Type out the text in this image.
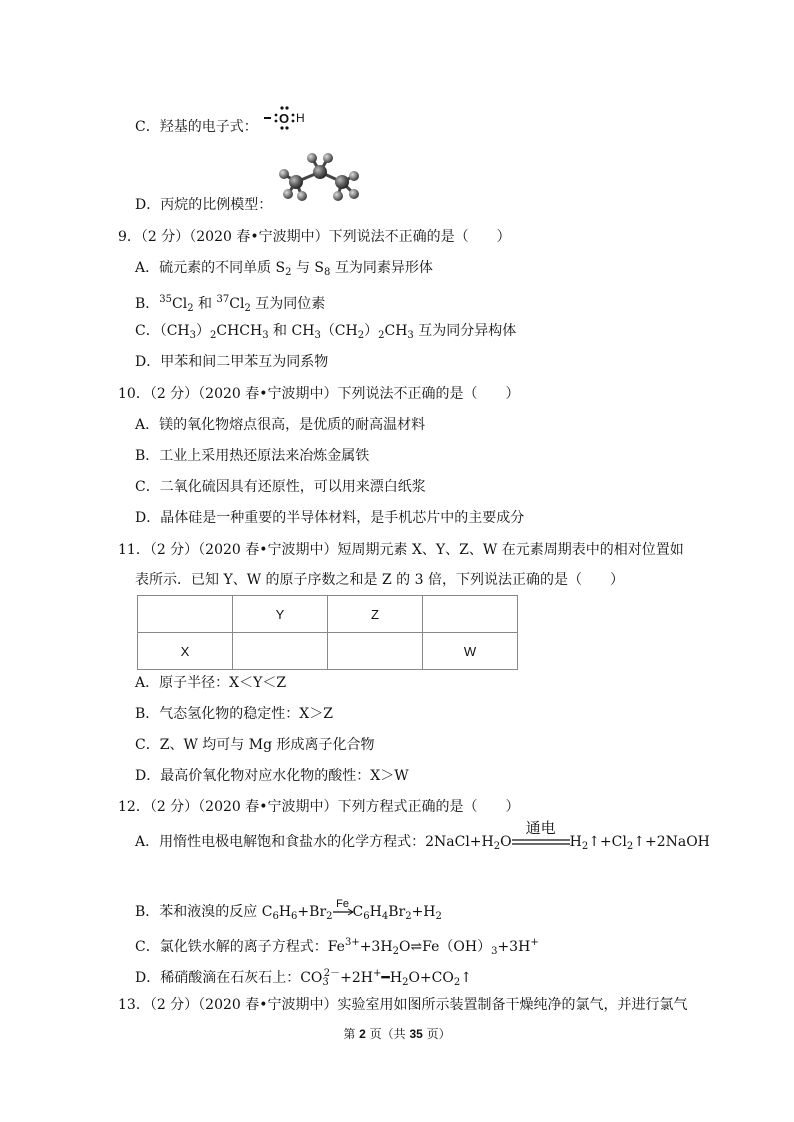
C．羟基的电子式：
O H
D．丙烷的比例模型：
9．（2 分）（2020 春•宁波期中）下列说法不正确的是（　　）
A．硫元素的不同单质 $S_2$ 与 $S_8$ 互为同素异形体
B．$^{35}Cl_2$ 和 $^{37}Cl_2$ 互为同位素
C．$(CH_3)_2CHCH_3$ 和 $CH_3(CH_2)_2CH_3$ 互为同分异构体
D．甲苯和间二甲苯互为同系物
10．（2 分）（2020 春•宁波期中）下列说法不正确的是（　　）
A．镁的氧化物熔点很高，是优质的耐高温材料
B．工业上采用热还原法来冶炼金属铁
C．二氧化硫因具有还原性，可以用来漂白纸浆
D．晶体硅是一种重要的半导体材料，是手机芯片中的主要成分
11．（2 分）（2020 春•宁波期中）短周期元素 X、Y、Z、W 在元素周期表中的相对位置如
表所示．已知 Y、W 的原子序数之和是 Z 的 3 倍，下列说法正确的是（　　）
	Y	Z	
X			W
A．原子半径：X＜Y＜Z
B．气态氢化物的稳定性：X＞Z
C．Z、W 均可与 Mg 形成离子化合物
D．最高价氧化物对应水化物的酸性：X＞W
12．（2 分）（2020 春•宁波期中）下列方程式正确的是（　　）
A．用惰性电极电解饱和食盐水的化学方程式：$2NaCl+H_2O$
通电
$H_2↑+Cl_2↑+2NaOH$
B．苯和液溴的反应 $C_6H_6+Br_2$
Fe $C_6H_4Br_2+H_2$
C．氯化铁水解的离子方程式：$Fe^{3+}+3H_2O\rightleftharpoons Fe(OH)_3+3H^+$
D．稀硝酸滴在石灰石上：$CO_3^{2-}+2H^+━H_2O+CO_2↑$
13．（2 分）（2020 春•宁波期中）实验室用如图所示装置制备干燥纯净的氯气，并进行氯气
第 2 页（共 35 页）
